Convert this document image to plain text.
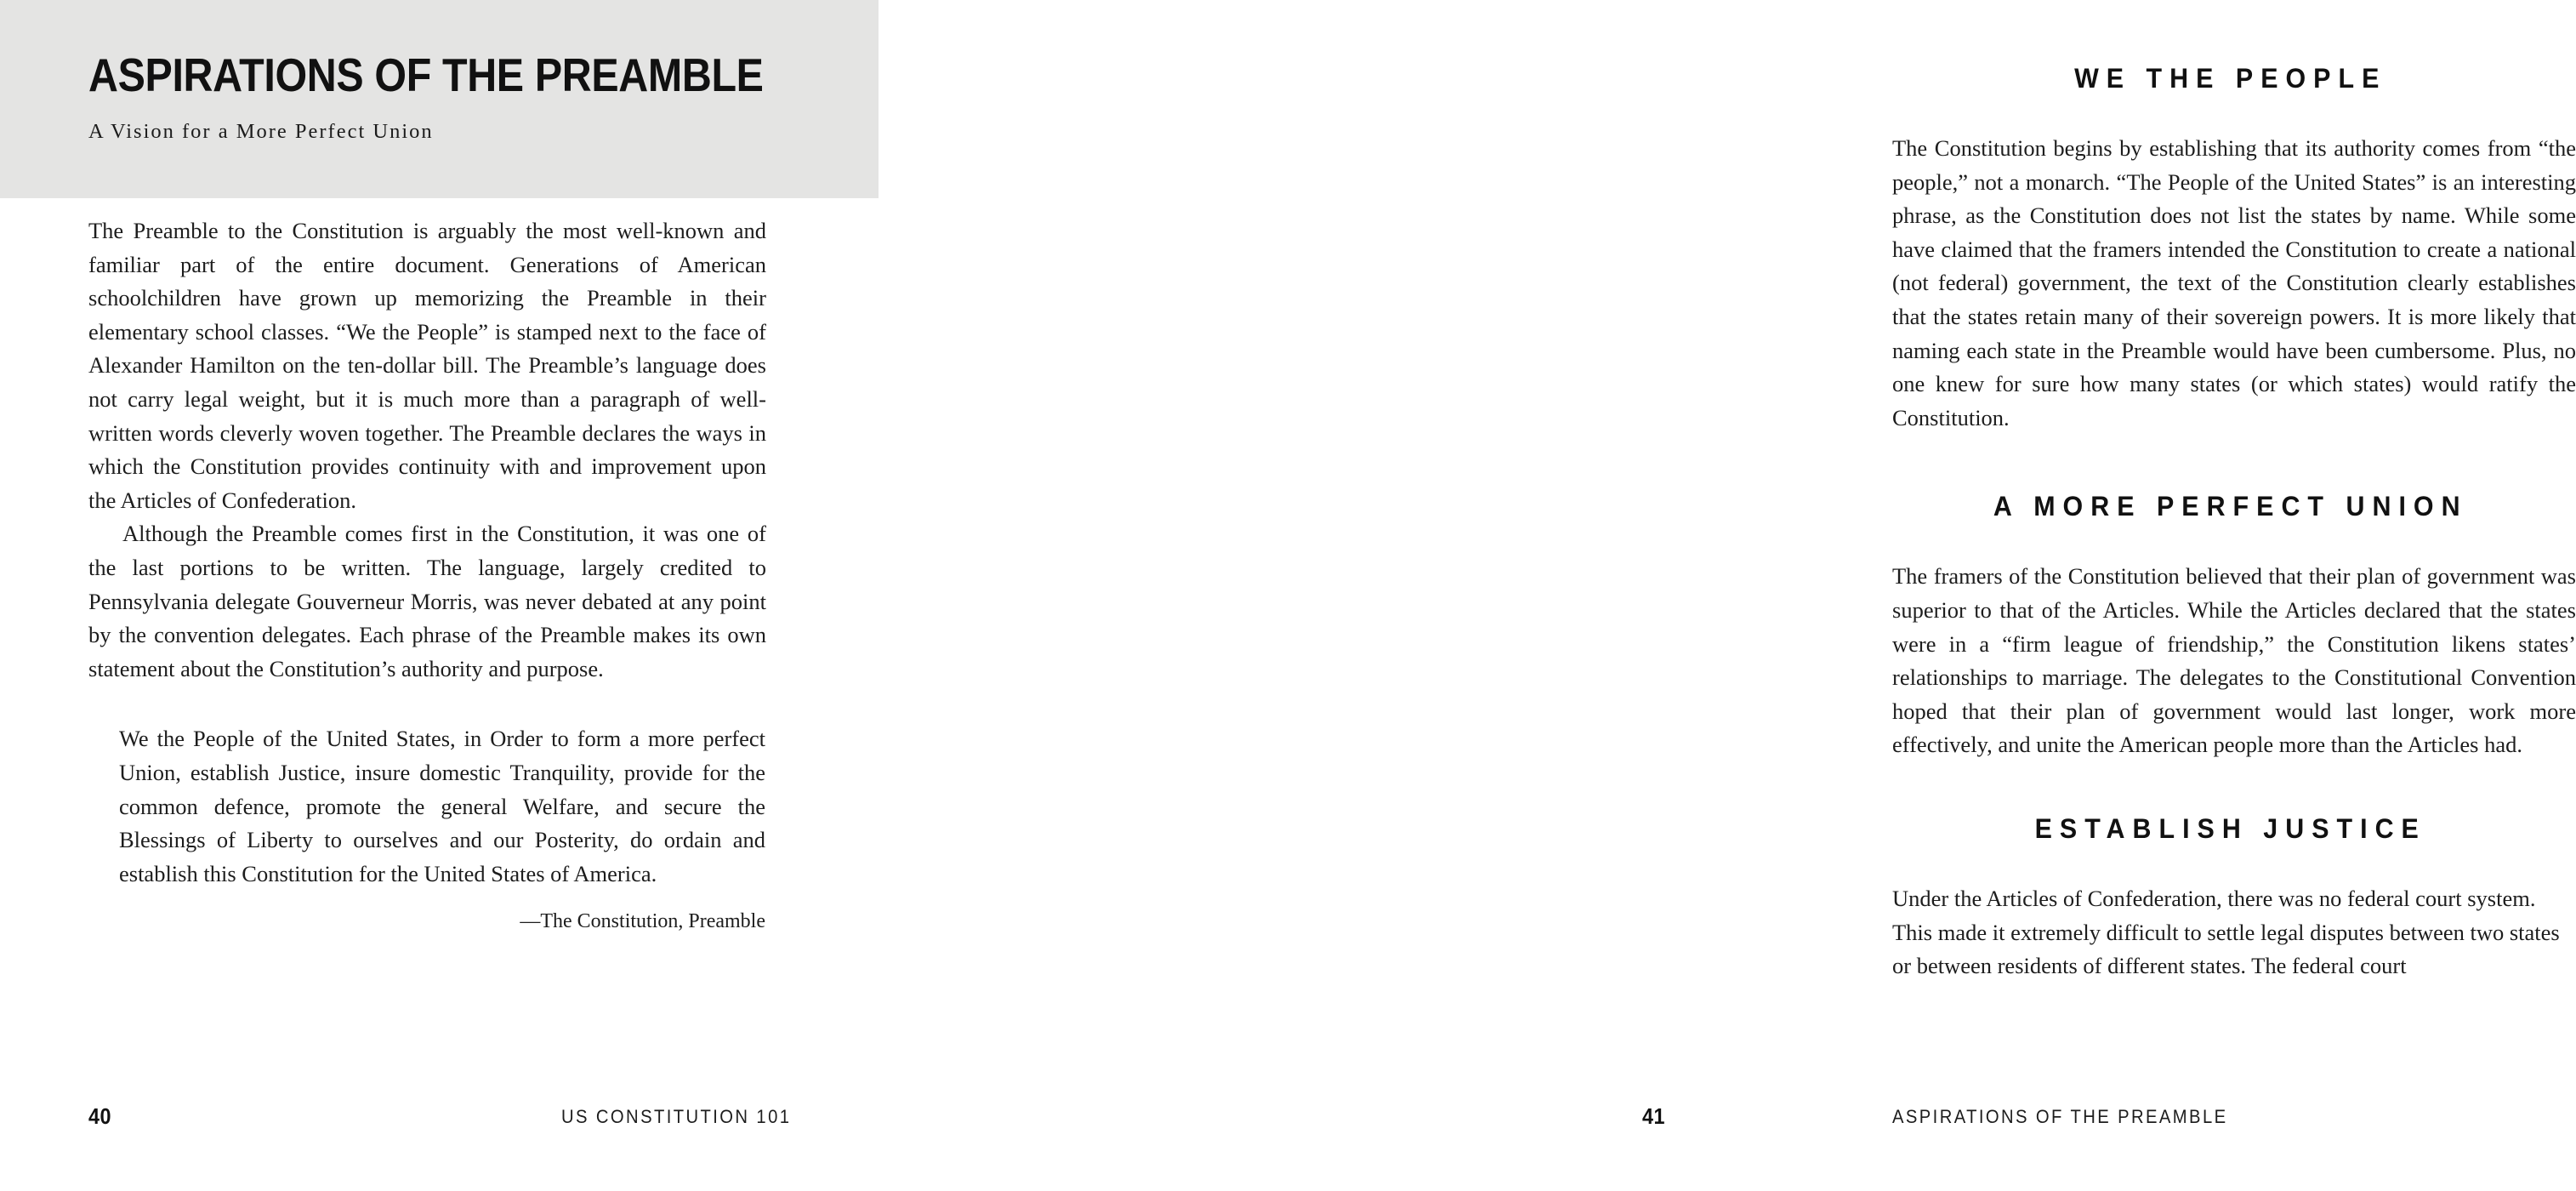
ASPIRATIONS OF THE PREAMBLE
A Vision for a More Perfect Union

The Preamble to the Constitution is arguably the most well-known and familiar part of the entire document. Generations of American schoolchildren have grown up memorizing the Preamble in their elementary school classes. “We the People” is stamped next to the face of Alexander Hamilton on the ten-dollar bill. The Preamble’s language does not carry legal weight, but it is much more than a paragraph of well-written words cleverly woven together. The Preamble declares the ways in which the Constitution provides continuity with and improvement upon the Articles of Confederation.

Although the Preamble comes first in the Constitution, it was one of the last portions to be written. The language, largely credited to Pennsylvania delegate Gouverneur Morris, was never debated at any point by the convention delegates. Each phrase of the Preamble makes its own statement about the Constitution’s authority and purpose.

We the People of the United States, in Order to form a more perfect Union, establish Justice, insure domestic Tranquility, provide for the common defence, promote the general Welfare, and secure the Blessings of Liberty to ourselves and our Posterity, do ordain and establish this Constitution for the United States of America.

—The Constitution, Preamble
40	US CONSTITUTION 101
WE THE PEOPLE

The Constitution begins by establishing that its authority comes from “the people,” not a monarch. “The People of the United States” is an interesting phrase, as the Constitution does not list the states by name. While some have claimed that the framers intended the Constitution to create a national (not federal) government, the text of the Constitution clearly establishes that the states retain many of their sovereign powers. It is more likely that naming each state in the Preamble would have been cumbersome. Plus, no one knew for sure how many states (or which states) would ratify the Constitution.

A MORE PERFECT UNION

The framers of the Constitution believed that their plan of government was superior to that of the Articles. While the Articles declared that the states were in a “firm league of friendship,” the Constitution likens states’ relationships to marriage. The delegates to the Constitutional Convention hoped that their plan of government would last longer, work more effectively, and unite the American people more than the Articles had.

ESTABLISH JUSTICE

Under the Articles of Confederation, there was no federal court system. This made it extremely difficult to settle legal disputes between two states or between residents of different states. The federal court

41	ASPIRATIONS OF THE PREAMBLE
